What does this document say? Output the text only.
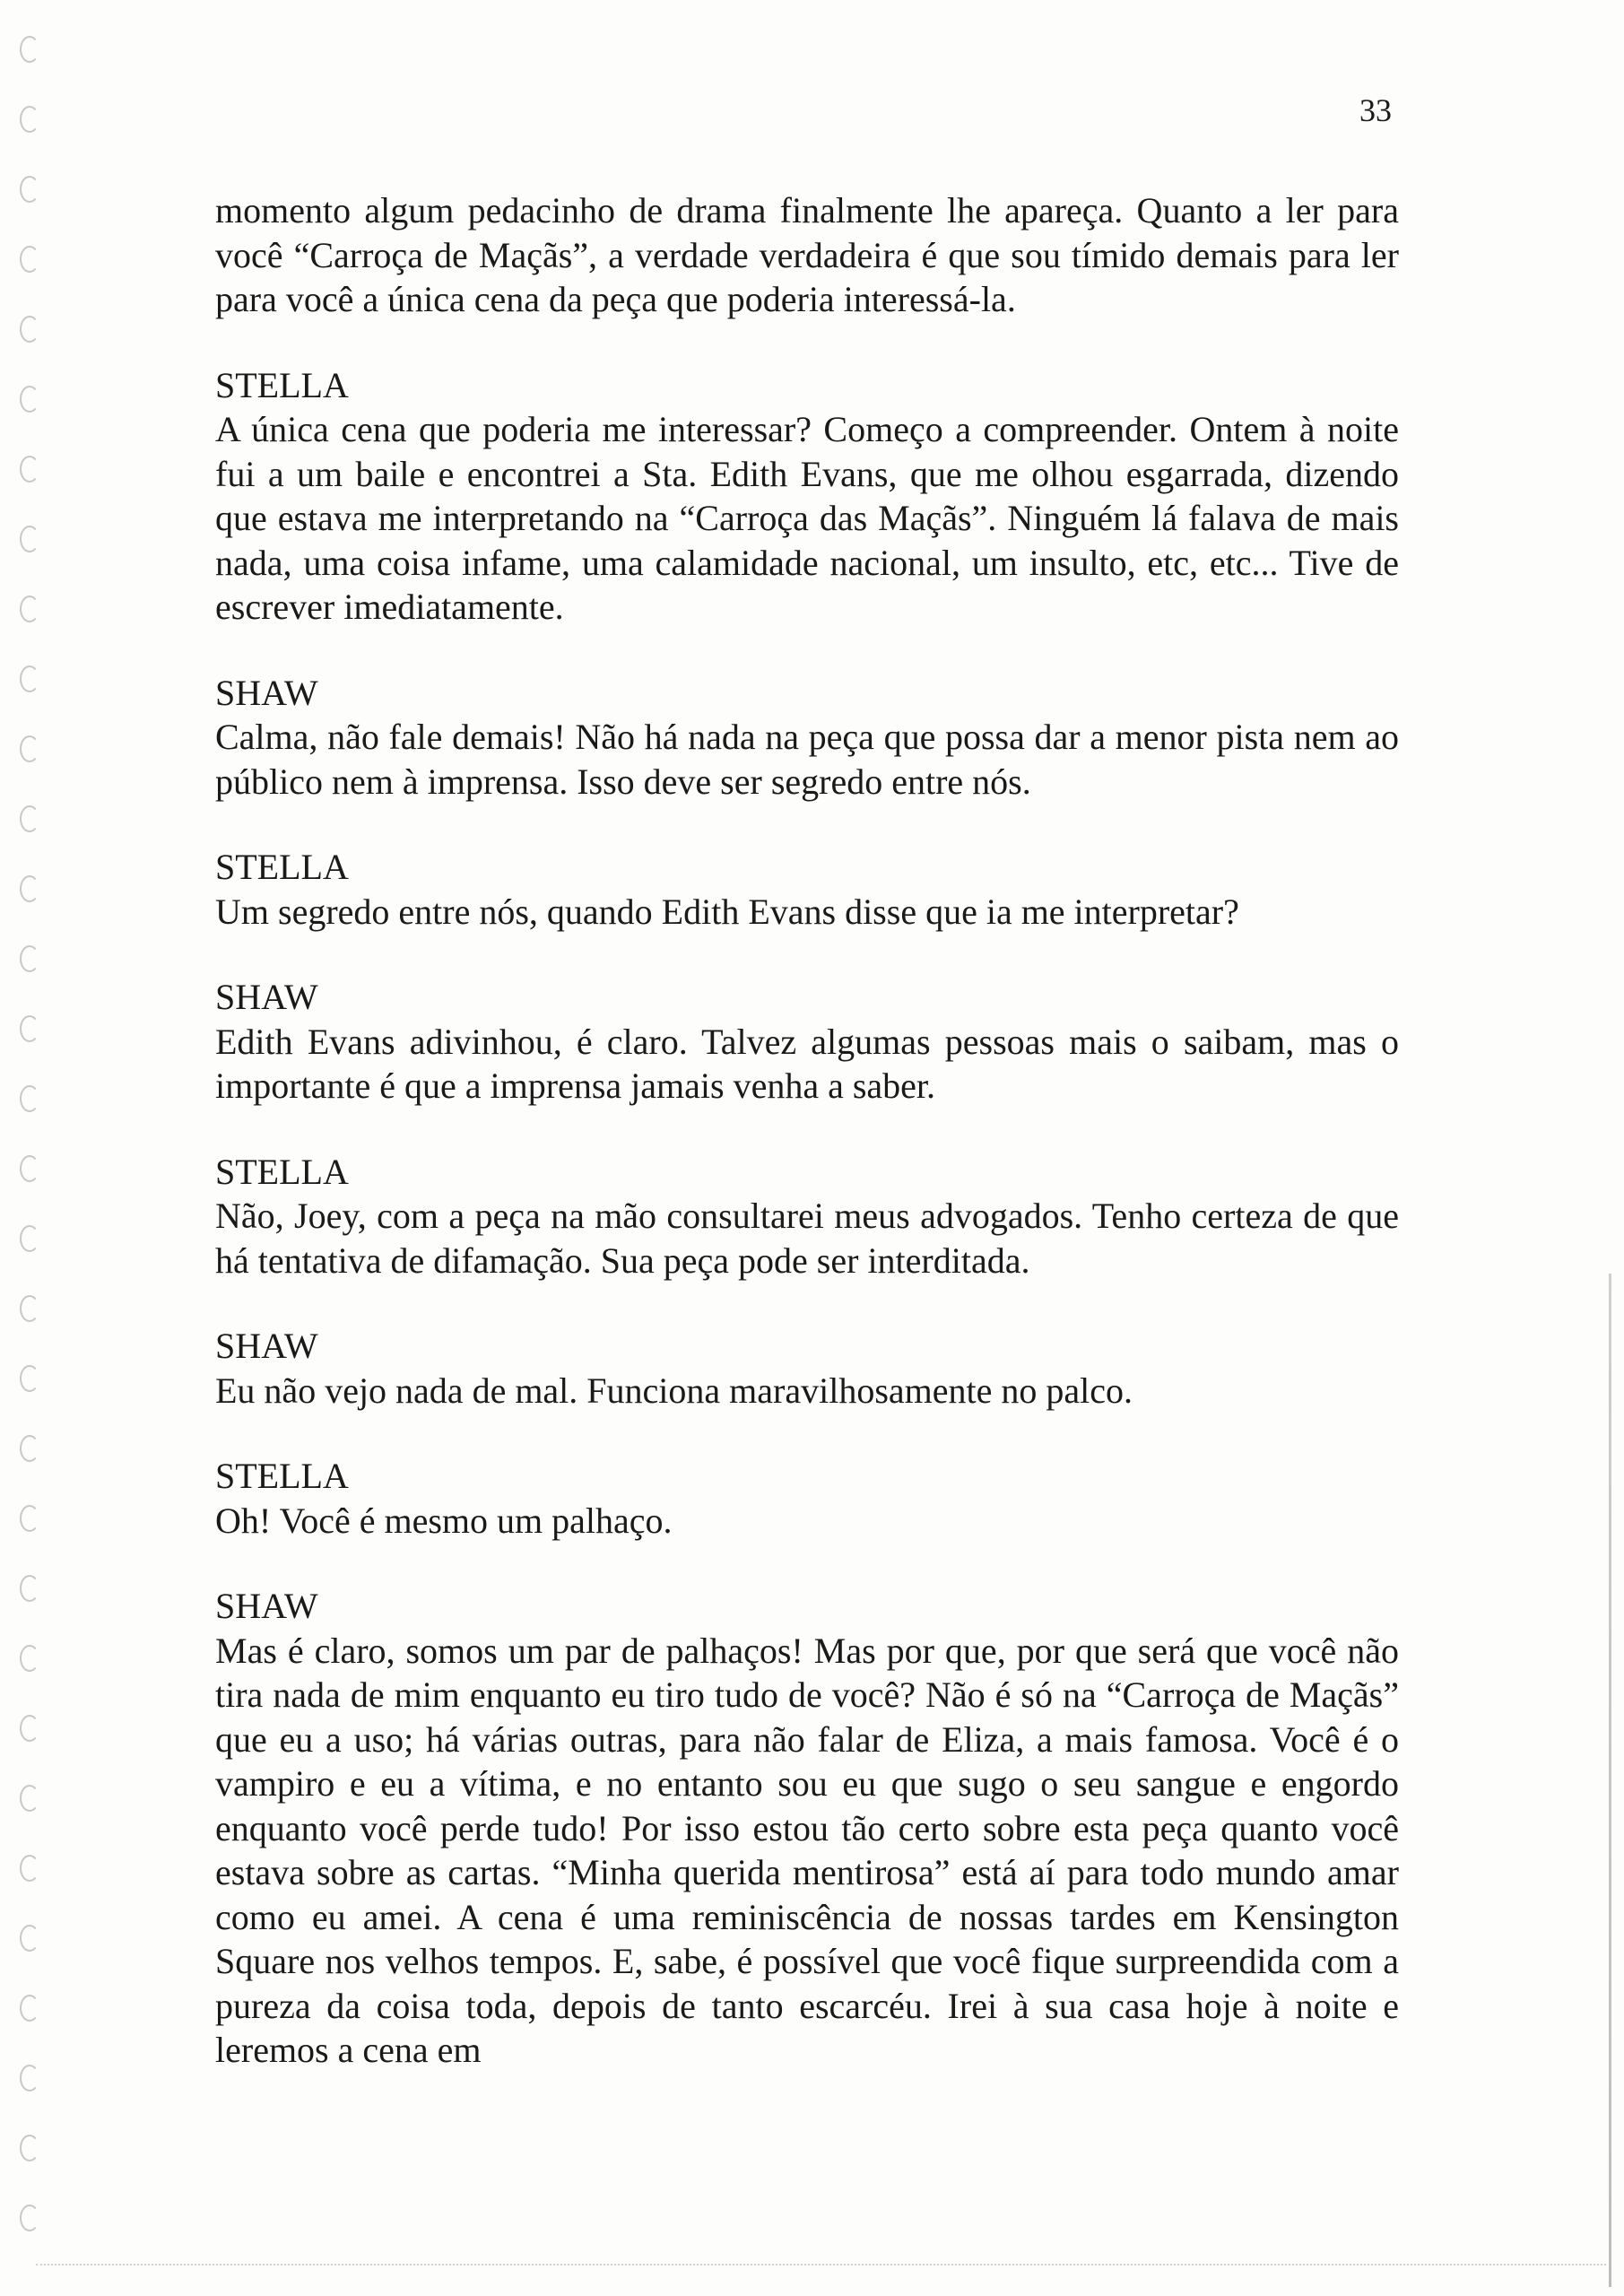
33

momento algum pedacinho de drama finalmente lhe apareça. Quanto a ler para você “Carroça de Maçãs”, a verdade verdadeira é que sou tímido demais para ler para você a única cena da peça que poderia interessá-la.

STELLA

A única cena que poderia me interessar? Começo a compreender. Ontem à noite fui a um baile e encontrei a Sta. Edith Evans, que me olhou esgarrada, dizendo que estava me interpretando na “Carroça das Maçãs”. Ninguém lá falava de mais nada, uma coisa infame, uma calamidade nacional, um insulto, etc, etc... Tive de escrever imediatamente.

SHAW

Calma, não fale demais! Não há nada na peça que possa dar a menor pista nem ao público nem à imprensa. Isso deve ser segredo entre nós.

STELLA

Um segredo entre nós, quando Edith Evans disse que ia me interpretar?

SHAW

Edith Evans adivinhou, é claro. Talvez algumas pessoas mais o saibam, mas o importante é que a imprensa jamais venha a saber.

STELLA

Não, Joey, com a peça na mão consultarei meus advogados. Tenho certeza de que há tentativa de difamação. Sua peça pode ser interditada.

SHAW

Eu não vejo nada de mal. Funciona maravilhosamente no palco.

STELLA

Oh! Você é mesmo um palhaço.

SHAW

Mas é claro, somos um par de palhaços! Mas por que, por que será que você não tira nada de mim enquanto eu tiro tudo de você? Não é só na “Carroça de Maçãs” que eu a uso; há várias outras, para não falar de Eliza, a mais famosa. Você é o vampiro e eu a vítima, e no entanto sou eu que sugo o seu sangue e engordo enquanto você perde tudo! Por isso estou tão certo sobre esta peça quanto você estava sobre as cartas. “Minha querida mentirosa” está aí para todo mundo amar como eu amei. A cena é uma reminiscência de nossas tardes em Kensington Square nos velhos tempos. E, sabe, é possível que você fique surpreendida com a pureza da coisa toda, depois de tanto escarcéu. Irei à sua casa hoje à noite e leremos a cena em
